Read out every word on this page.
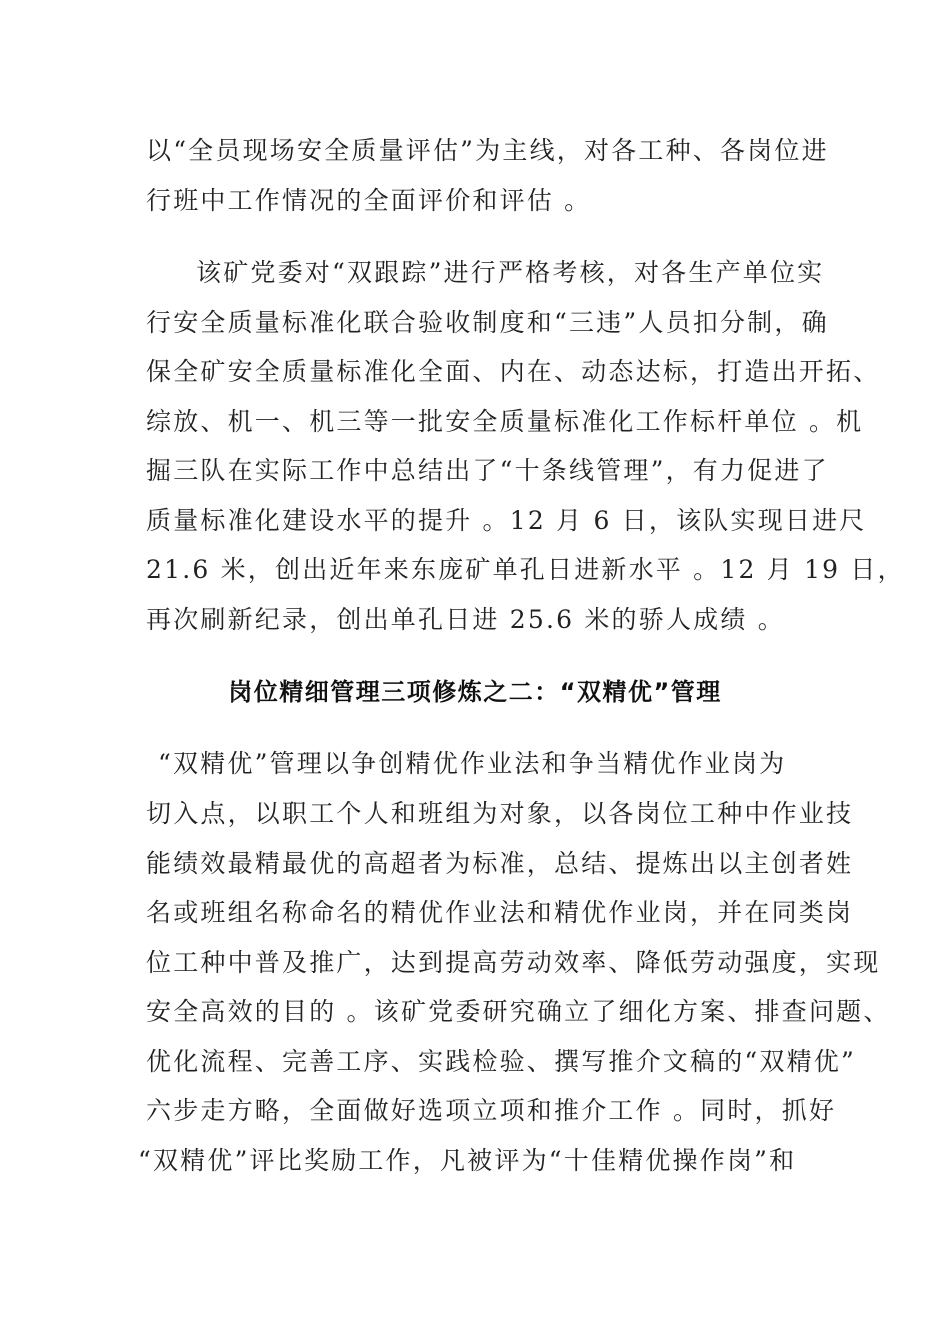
以“全员现场安全质量评估”为主线，对各工种、各岗位进
行班中工作情况的全面评价和评估 。
该矿党委对“双跟踪”进行严格考核，对各生产单位实
行安全质量标准化联合验收制度和“三违”人员扣分制，确
保全矿安全质量标准化全面、内在、动态达标，打造出开拓、
综放、机一、机三等一批安全质量标准化工作标杆单位 。机
掘三队在实际工作中总结出了“十条线管理”，有力促进了
质量标准化建设水平的提升 。12 月 6 日，该队实现日进尺
21.6 米，创出近年来东庞矿单孔日进新水平 。12 月 19 日，
再次刷新纪录，创出单孔日进 25.6 米的骄人成绩 。
岗位精细管理三项修炼之二：“双精优”管理
“双精优”管理以争创精优作业法和争当精优作业岗为
切入点，以职工个人和班组为对象，以各岗位工种中作业技
能绩效最精最优的高超者为标准，总结、提炼出以主创者姓
名或班组名称命名的精优作业法和精优作业岗，并在同类岗
位工种中普及推广，达到提高劳动效率、降低劳动强度，实现
安全高效的目的 。该矿党委研究确立了细化方案、排查问题、
优化流程、完善工序、实践检验、撰写推介文稿的“双精优”
六步走方略，全面做好选项立项和推介工作 。同时，抓好
“双精优”评比奖励工作，凡被评为“十佳精优操作岗”和
